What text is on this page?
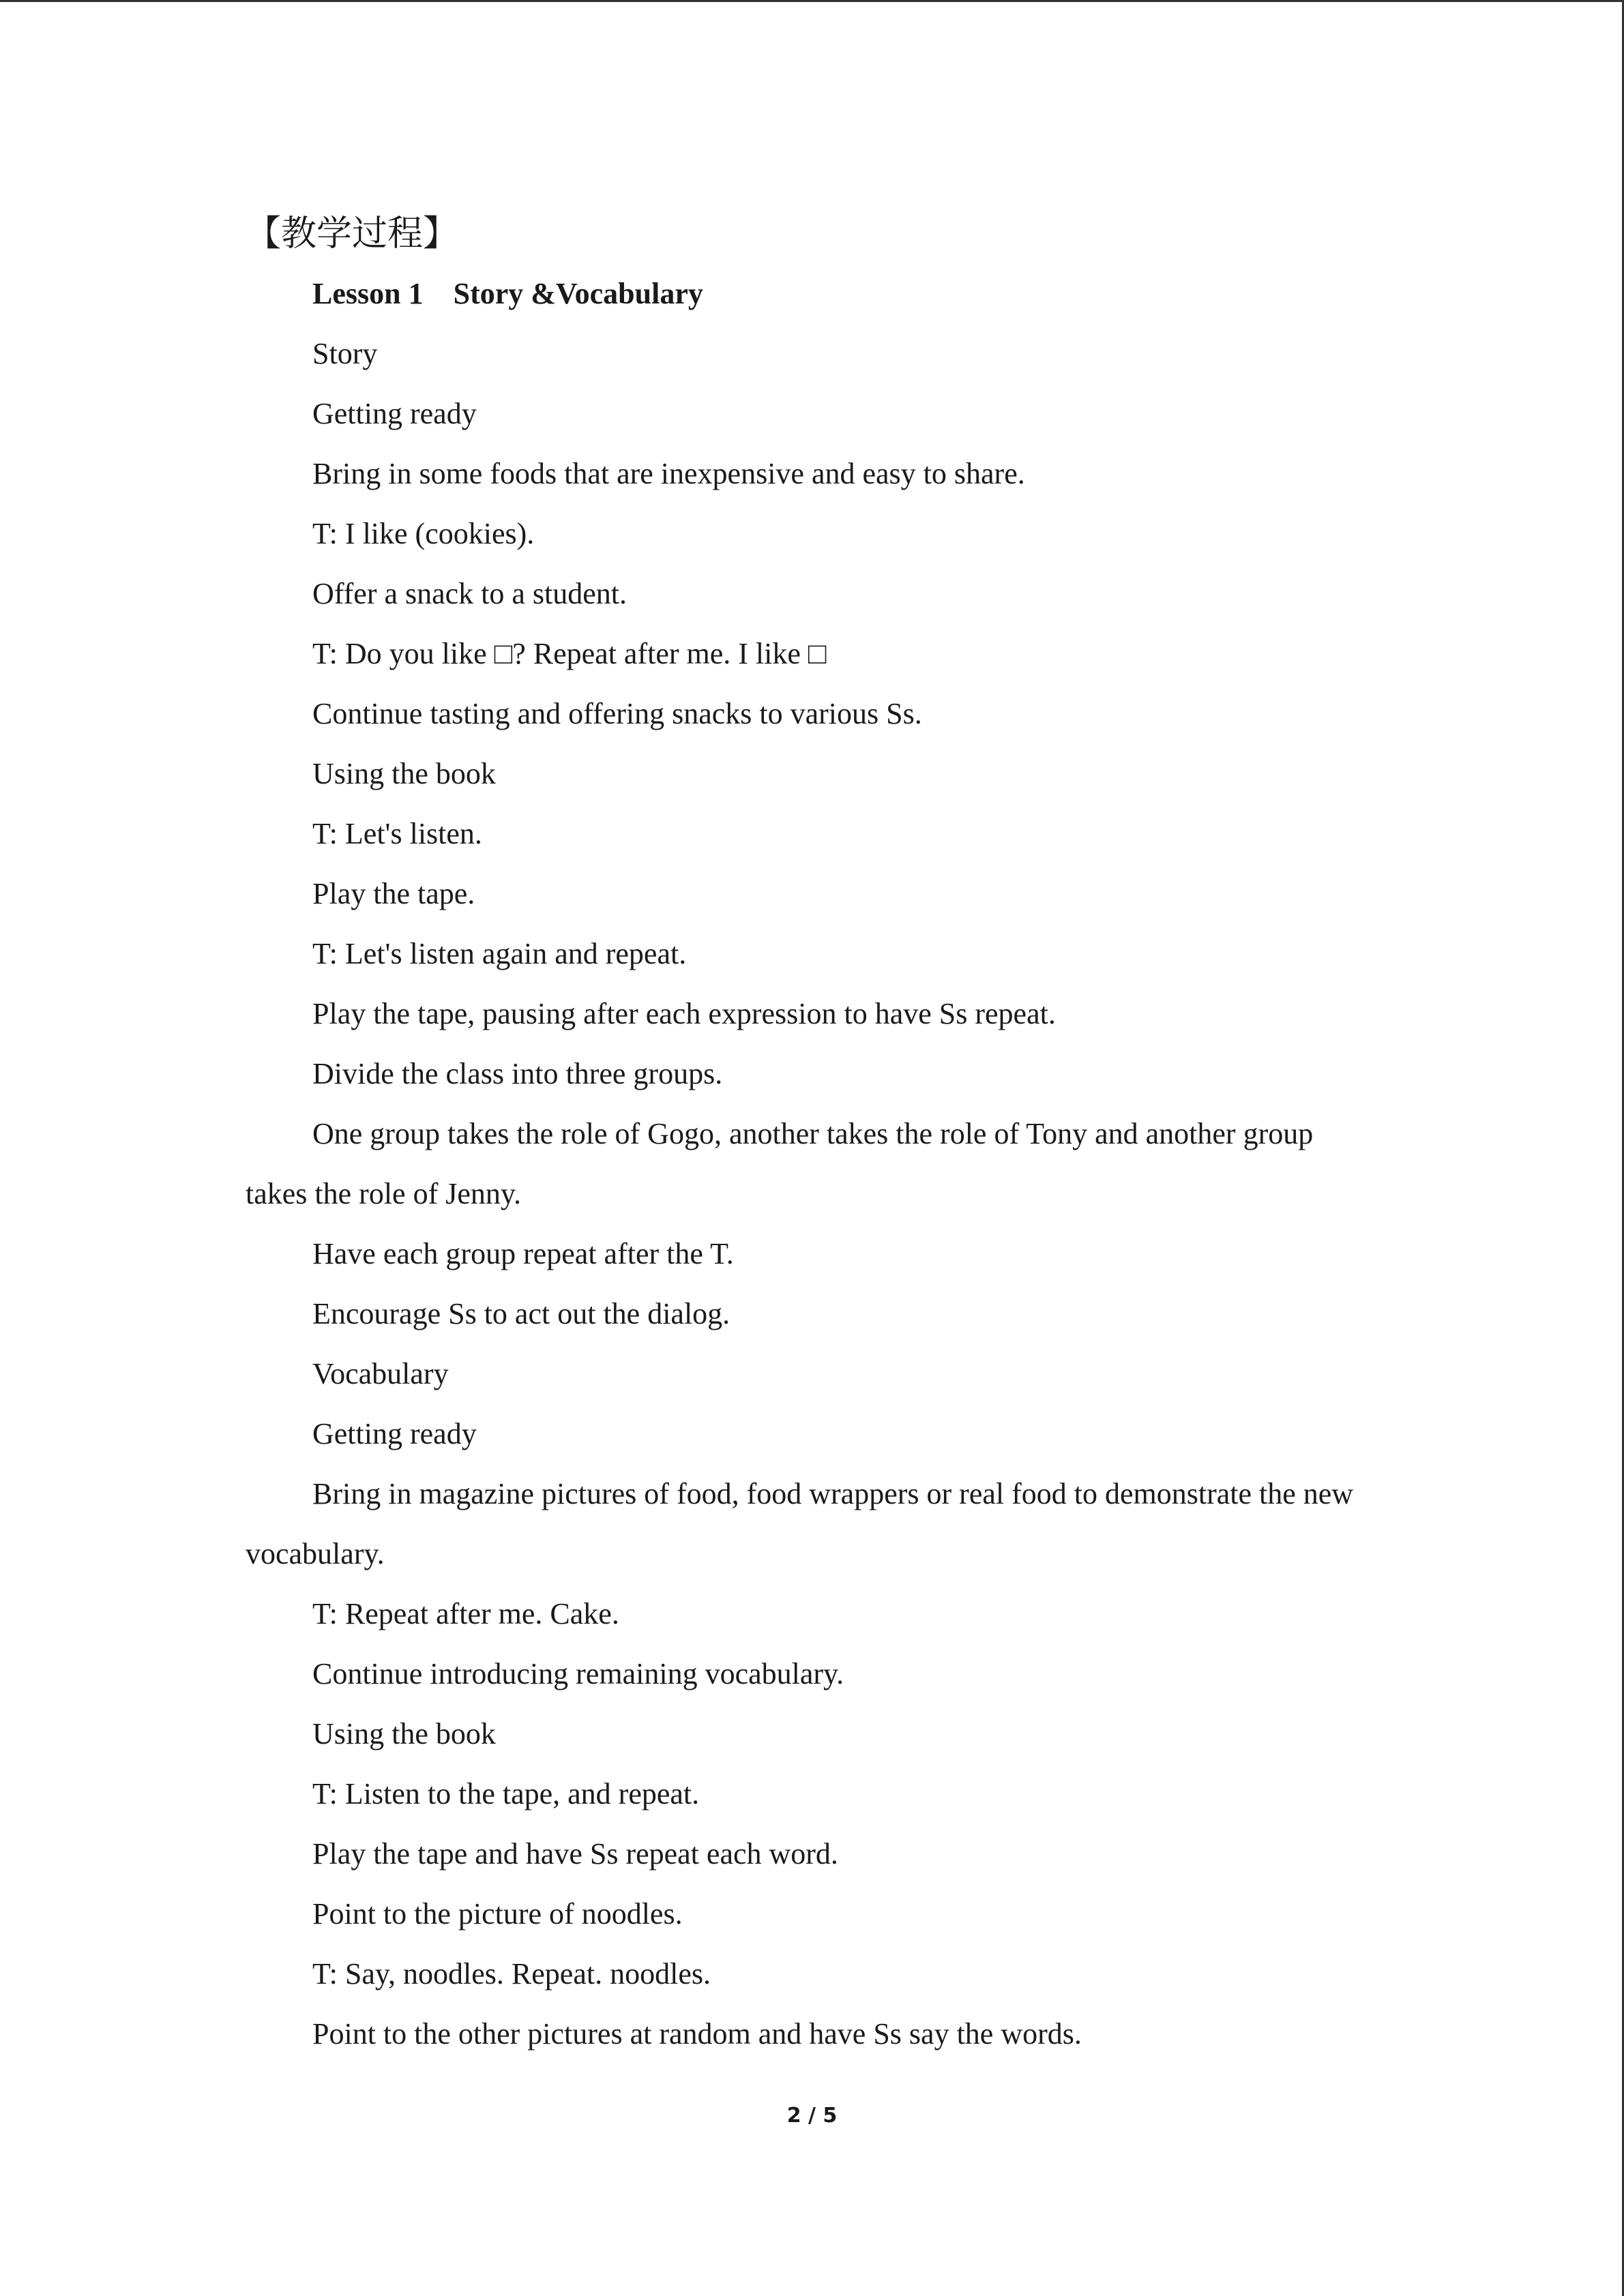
【教学过程】

Lesson 1　Story &Vocabulary

Story

Getting ready

Bring in some foods that are inexpensive and easy to share.

T: I like (cookies).

Offer a snack to a student.

T: Do you like □? Repeat after me. I like □

Continue tasting and offering snacks to various Ss.

Using the book

T: Let's listen.

Play the tape.

T: Let's listen again and repeat.

Play the tape, pausing after each expression to have Ss repeat.

Divide the class into three groups.

One group takes the role of Gogo, another takes the role of Tony and another group takes the role of Jenny.

Have each group repeat after the T.

Encourage Ss to act out the dialog.

Vocabulary

Getting ready

Bring in magazine pictures of food, food wrappers or real food to demonstrate the new vocabulary.

T: Repeat after me. Cake.

Continue introducing remaining vocabulary.

Using the book

T: Listen to the tape, and repeat.

Play the tape and have Ss repeat each word.

Point to the picture of noodles.

T: Say, noodles. Repeat. noodles.

Point to the other pictures at random and have Ss say the words.

2 / 5
